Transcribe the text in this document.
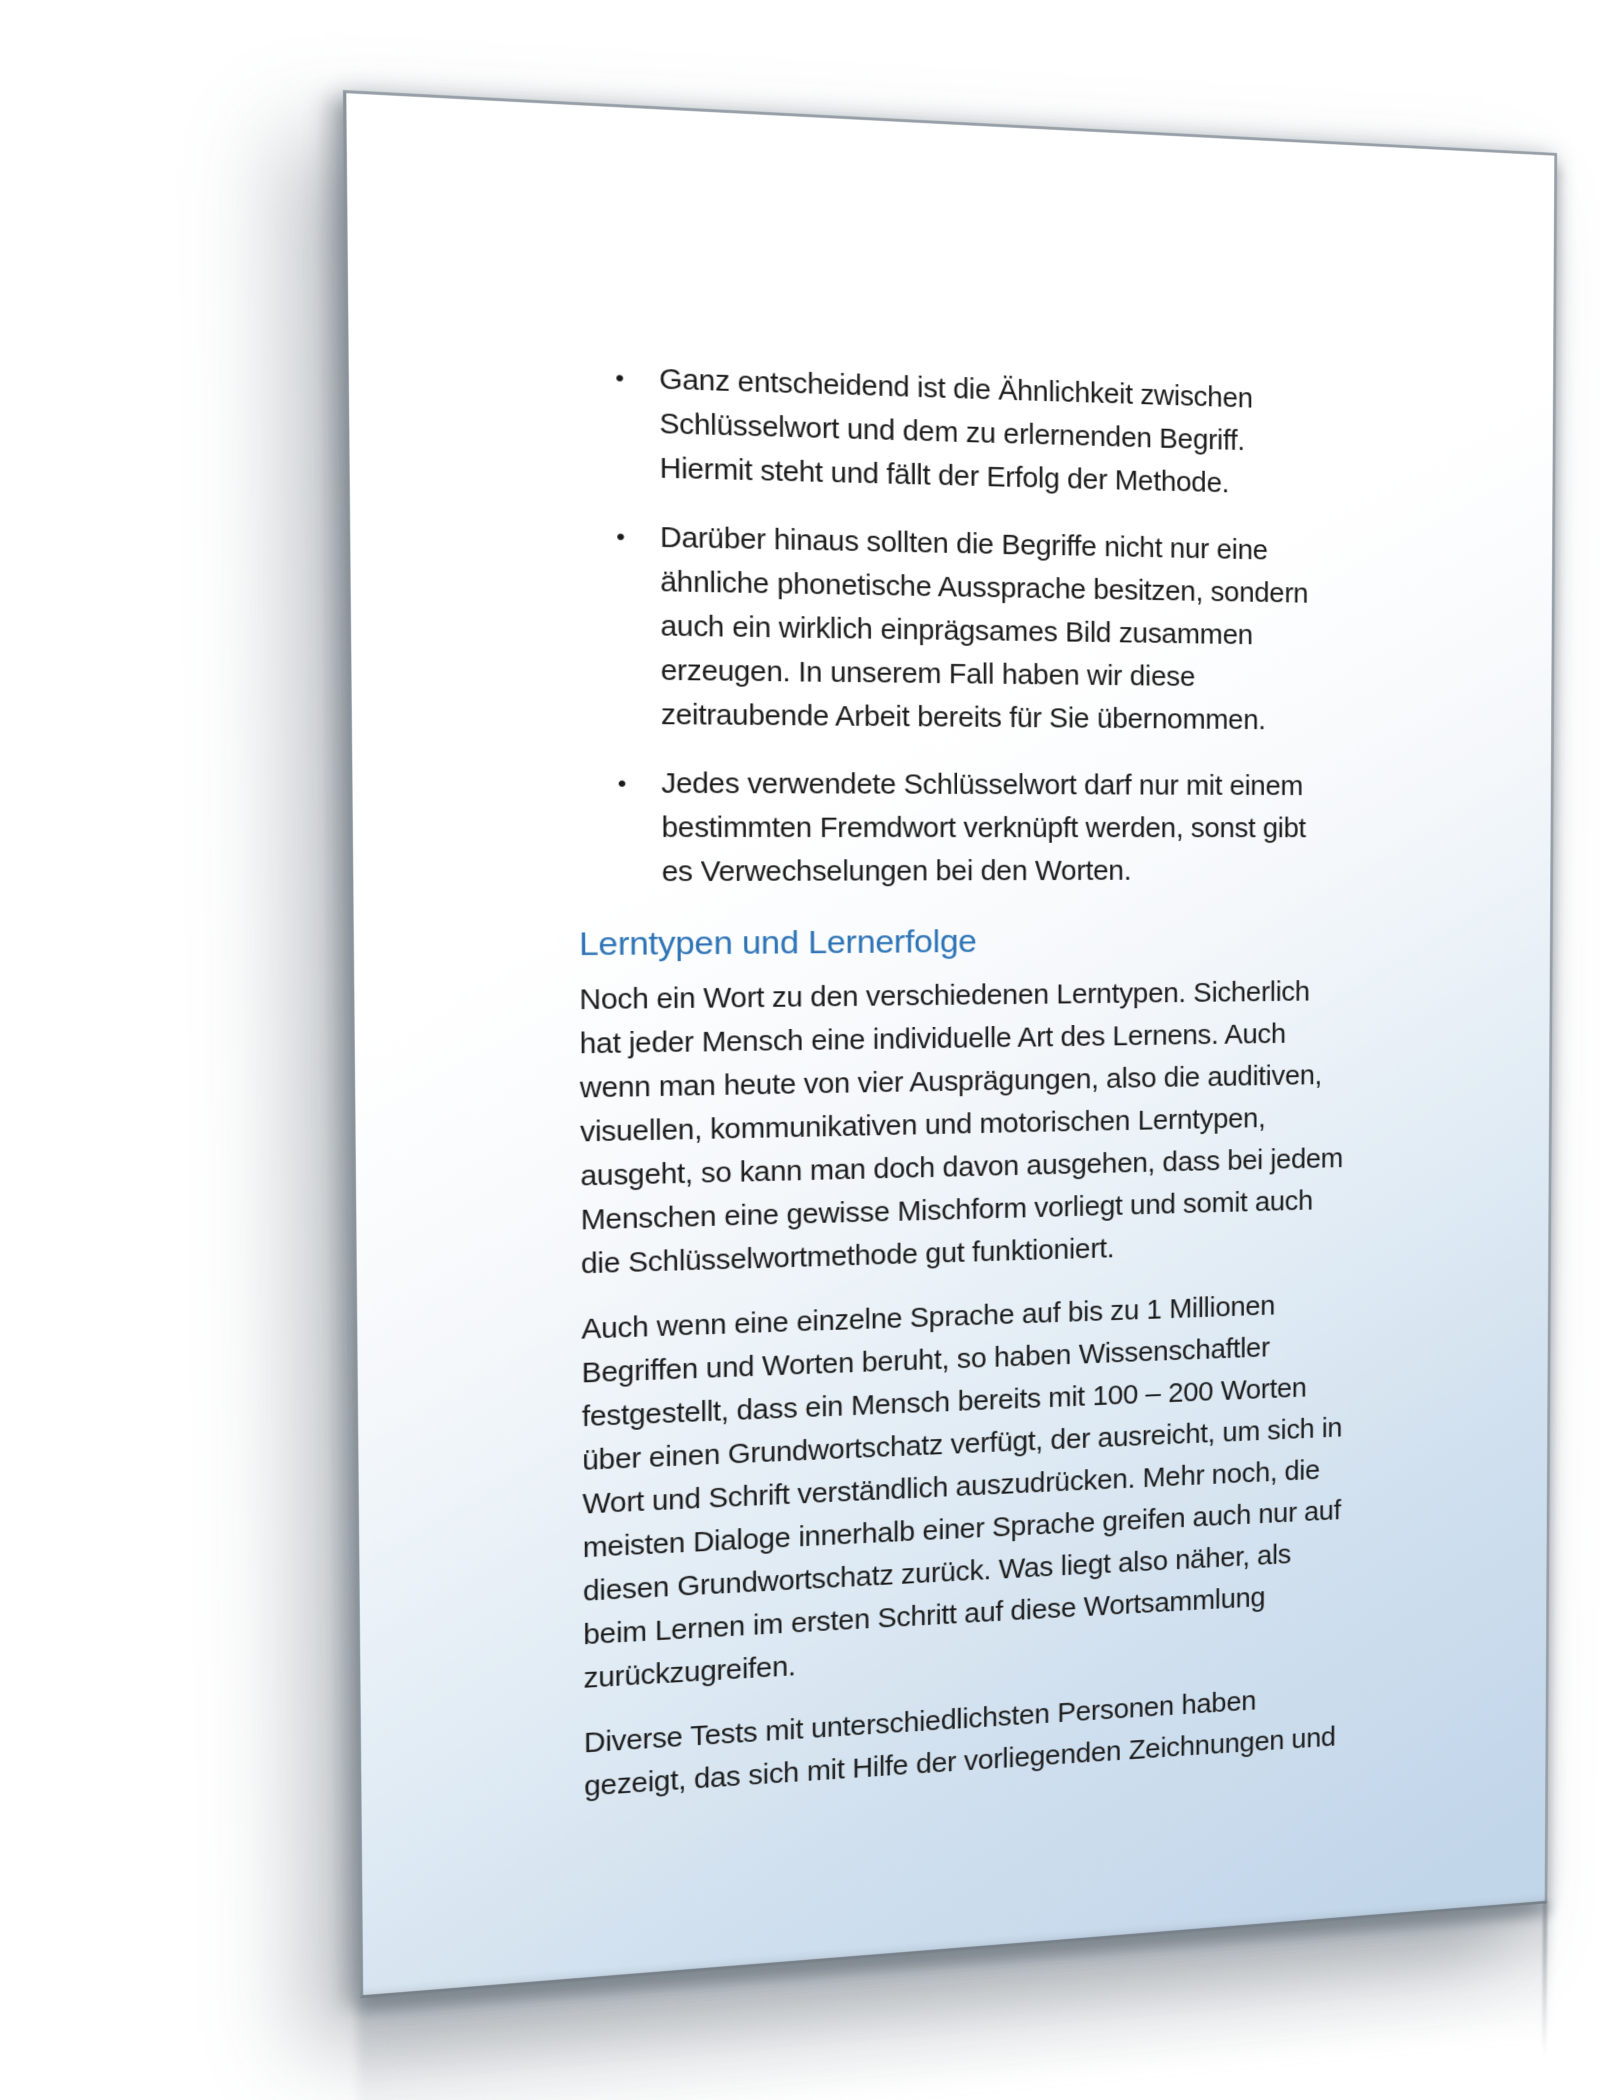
•	Ganz entscheidend ist die Ähnlichkeit zwischen
Schlüsselwort und dem zu erlernenden Begriff.
Hiermit steht und fällt der Erfolg der Methode.
•	Darüber hinaus sollten die Begriffe nicht nur eine
ähnliche phonetische Aussprache besitzen, sondern
auch ein wirklich einprägsames Bild zusammen
erzeugen. In unserem Fall haben wir diese
zeitraubende Arbeit bereits für Sie übernommen.
•	Jedes verwendete Schlüsselwort darf nur mit einem
bestimmten Fremdwort verknüpft werden, sonst gibt
es Verwechselungen bei den Worten.
Lerntypen und Lernerfolge
Noch ein Wort zu den verschiedenen Lerntypen. Sicherlich
hat jeder Mensch eine individuelle Art des Lernens. Auch
wenn man heute von vier Ausprägungen, also die auditiven,
visuellen, kommunikativen und motorischen Lerntypen,
ausgeht, so kann man doch davon ausgehen, dass bei jedem
Menschen eine gewisse Mischform vorliegt und somit auch
die Schlüsselwortmethode gut funktioniert.
Auch wenn eine einzelne Sprache auf bis zu 1 Millionen
Begriffen und Worten beruht, so haben Wissenschaftler
festgestellt, dass ein Mensch bereits mit 100 – 200 Worten
über einen Grundwortschatz verfügt, der ausreicht, um sich in
Wort und Schrift verständlich auszudrücken. Mehr noch, die
meisten Dialoge innerhalb einer Sprache greifen auch nur auf
diesen Grundwortschatz zurück. Was liegt also näher, als
beim Lernen im ersten Schritt auf diese Wortsammlung
zurückzugreifen.
Diverse Tests mit unterschiedlichsten Personen haben
gezeigt, das sich mit Hilfe der vorliegenden Zeichnungen und
